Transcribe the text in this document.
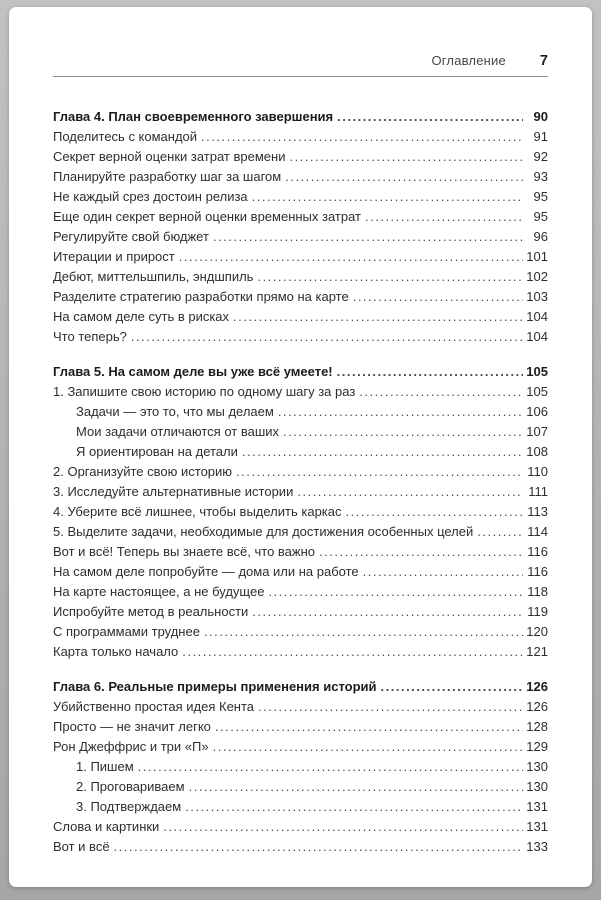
Оглавление 7
Глава 4. План своевременного завершения .....	90
Поделитесь с командой .....	91
Секрет верной оценки затрат времени .....	92
Планируйте разработку шаг за шагом .....	93
Не каждый срез достоин релиза .....	95
Еще один секрет верной оценки временных затрат .....	95
Регулируйте свой бюджет .....	96
Итерации и прирост .....	101
Дебют, миттельшпиль, эндшпиль .....	102
Разделите стратегию разработки прямо на карте .....	103
На самом деле суть в рисках .....	104
Что теперь? .....	104
Глава 5. На самом деле вы уже всё умеете! .....	105
1. Запишите свою историю по одному шагу за раз .....	105
Задачи — это то, что мы делаем .....	106
Мои задачи отличаются от ваших .....	107
Я ориентирован на детали .....	108
2. Организуйте свою историю .....	110
3. Исследуйте альтернативные истории .....	111
4. Уберите всё лишнее, чтобы выделить каркас .....	113
5. Выделите задачи, необходимые для достижения особенных целей .....	114
Вот и всё! Теперь вы знаете всё, что важно .....	116
На самом деле попробуйте — дома или на работе .....	116
На карте настоящее, а не будущее .....	118
Испробуйте метод в реальности .....	119
С программами труднее .....	120
Карта только начало .....	121
Глава 6. Реальные примеры применения историй .....	126
Убийственно простая идея Кента .....	126
Просто — не значит легко .....	128
Рон Джеффрис и три «П» .....	129
1. Пишем .....	130
2. Проговариваем .....	130
3. Подтверждаем .....	131
Слова и картинки .....	131
Вот и всё .....	133
